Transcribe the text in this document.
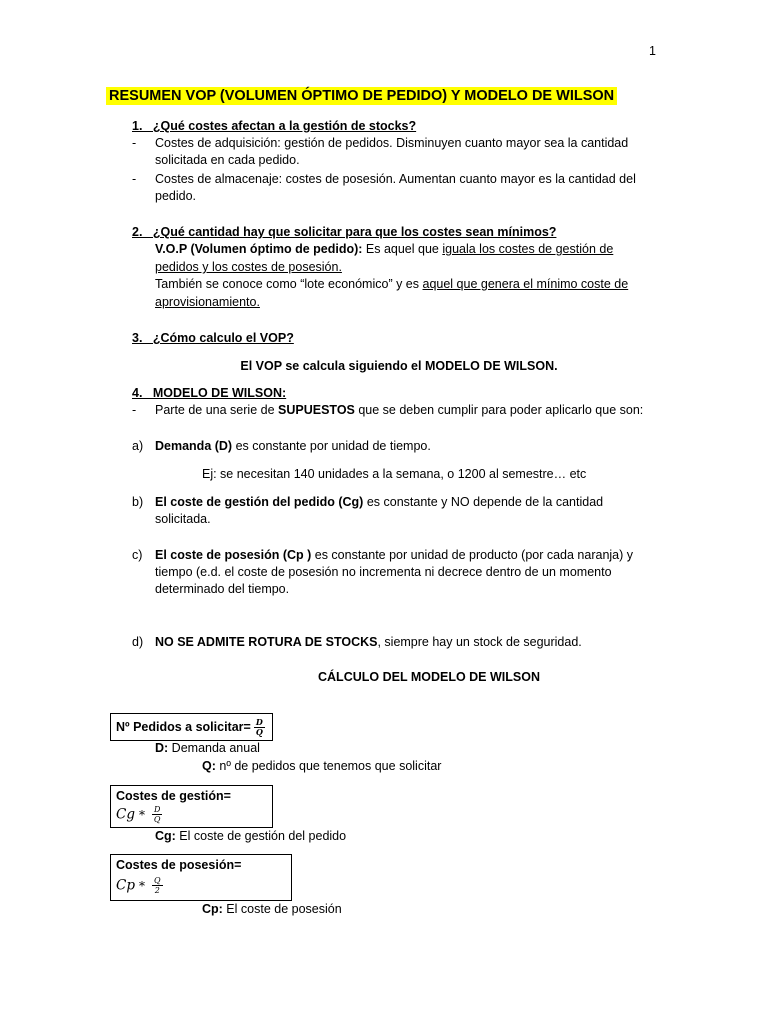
1
RESUMEN VOP (VOLUMEN ÓPTIMO DE PEDIDO) Y MODELO DE WILSON
1.   ¿Qué costes afectan a la gestión de stocks?
- Costes de adquisición: gestión de pedidos. Disminuyen cuanto mayor sea la cantidad
solicitada en cada pedido.
- Costes de almacenaje: costes de posesión. Aumentan cuanto mayor es la cantidad del
pedido.
2.   ¿Qué cantidad hay que solicitar para que los costes sean mínimos?
V.O.P (Volumen óptimo de pedido): Es aquel que iguala los costes de gestión de
pedidos y los costes de posesión.
También se conoce como “lote económico” y es aquel que genera el mínimo coste de
aprovisionamiento.
3.   ¿Cómo calculo el VOP?
El VOP se calcula siguiendo el MODELO DE WILSON.
4.   MODELO DE WILSON:
- Parte de una serie de SUPUESTOS que se deben cumplir para poder aplicarlo que son:
a) Demanda (D) es constante por unidad de tiempo.
Ej: se necesitan 140 unidades a la semana, o 1200 al semestre… etc
b) El coste de gestión del pedido (Cg) es constante y NO depende de la cantidad
solicitada.
c) El coste de posesión (Cp ) es constante por unidad de producto (por cada naranja) y
tiempo (e.d. el coste de posesión no incrementa ni decrece dentro de un momento
determinado del tiempo.
d) NO SE ADMITE ROTURA DE STOCKS, siempre hay un stock de seguridad.
CÁLCULO DEL MODELO DE WILSON
Nº Pedidos a solicitar= $\frac{D}{Q}$
D: Demanda anual
Q: nº de pedidos que tenemos que solicitar
Costes de gestión=
Cg * $\frac{D}{Q}$
Cg: El coste de gestión del pedido
Costes de posesión=
Cp * $\frac{Q}{2}$
Cp: El coste de posesión
